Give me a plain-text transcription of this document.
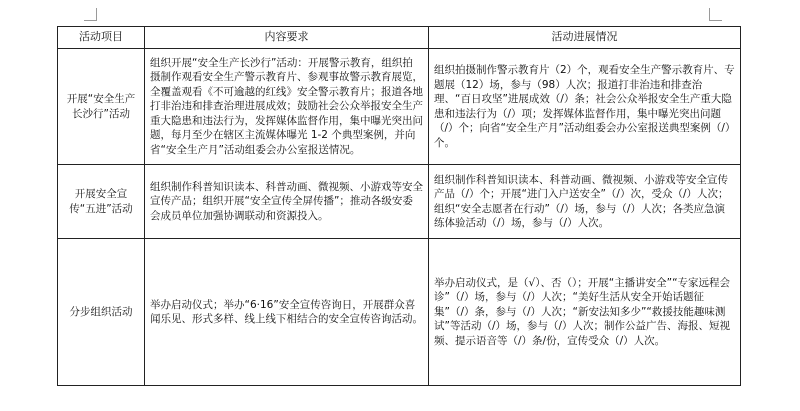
活动项目	内容要求	活动进展情况
开展“安全生产长沙行”活动	组织开展“安全生产长沙行”活动：开展警示教育，组织拍摄制作观看安全生产警示教育片、参观事故警示教育展览，全覆盖观看《不可逾越的红线》安全警示教育片；报道各地打非治违和排查治理进展成效；鼓励社会公众举报安全生产重大隐患和违法行为，发挥媒体监督作用，集中曝光突出问题，每月至少在辖区主流媒体曝光 1-2 个典型案例，并向省“安全生产月”活动组委会办公室报送情况。	组织拍摄制作警示教育片（2）个，观看安全生产警示教育片、专题展（12）场，参与（98）人次；报道打非治违和排查治理、“百日攻坚”进展成效（/）条；社会公众举报安全生产重大隐患和违法行为（/）项；发挥媒体监督作用，集中曝光突出问题（/）个；向省“安全生产月”活动组委会办公室报送典型案例（/）个。
开展安全宣传“五进”活动	组织制作科普知识读本、科普动画、微视频、小游戏等安全宣传产品；组织开展“安全宣传全屏传播”；推动各级安委会成员单位加强协调联动和资源投入。	组织制作科普知识读本、科普动画、微视频、小游戏等安全宣传产品（/）个；开展“进门入户送安全”（/）次，受众（/）人次；组织“安全志愿者在行动”（/）场，参与（/）人次；各类应急演练体验活动（/）场，参与（/）人次。
分步组织活动	举办启动仪式；举办“6·16”安全宣传咨询日，开展群众喜闻乐见、形式多样、线上线下相结合的安全宣传咨询活动。	举办启动仪式，是（√）、否（）；开展“主播讲安全”“专家远程会诊”（/）场，参与（/）人次；“美好生活从安全开始话题征集”（/）条，参与（/）人次；“新安法知多少”“救援技能趣味测试”等活动（/）场，参与（/）人次；制作公益广告、海报、短视频、提示语音等（/）条/份，宣传受众（/）人次。
